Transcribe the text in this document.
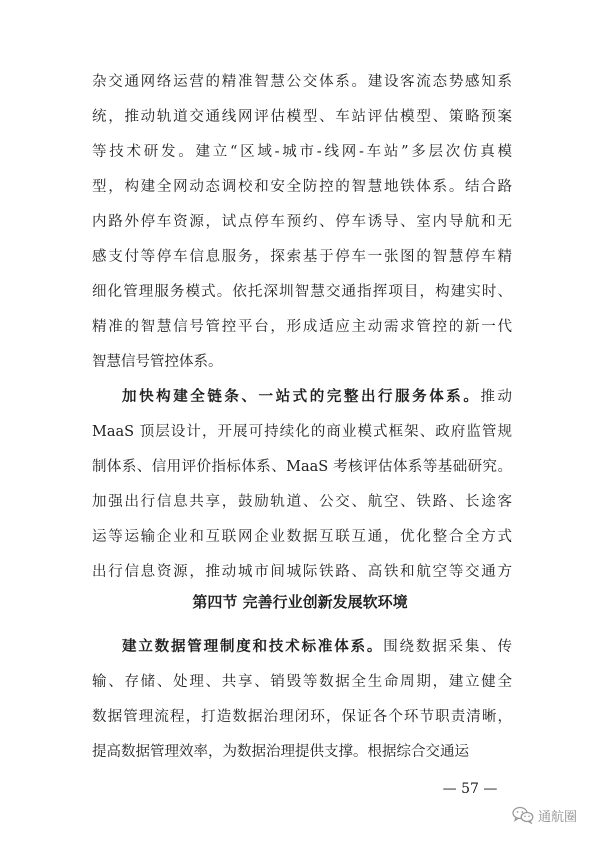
杂交通网络运营的精准智慧公交体系。建设客流态势感知系
统，推动轨道交通线网评估模型、车站评估模型、策略预案
等技术研发。建立“区域-城市-线网-车站”多层次仿真模
型，构建全网动态调校和安全防控的智慧地铁体系。结合路
内路外停车资源，试点停车预约、停车诱导、室内导航和无
感支付等停车信息服务，探索基于停车一张图的智慧停车精
细化管理服务模式。依托深圳智慧交通指挥项目，构建实时、
精准的智慧信号管控平台，形成适应主动需求管控的新一代
智慧信号管控体系。
加快构建全链条、一站式的完整出行服务体系。推动
MaaS 顶层设计，开展可持续化的商业模式框架、政府监管规
制体系、信用评价指标体系、MaaS 考核评估体系等基础研究。
加强出行信息共享，鼓励轨道、公交、航空、铁路、长途客
运等运输企业和互联网企业数据互联互通，优化整合全方式
出行信息资源，推动城市间城际铁路、高铁和航空等交通方
第四节 完善行业创新发展软环境
建立数据管理制度和技术标准体系。围绕数据采集、传
输、存储、处理、共享、销毁等数据全生命周期，建立健全
数据管理流程，打造数据治理闭环，保证各个环节职责清晰，
提高数据管理效率，为数据治理提供支撑。根据综合交通运
— 57 —
通航圈
